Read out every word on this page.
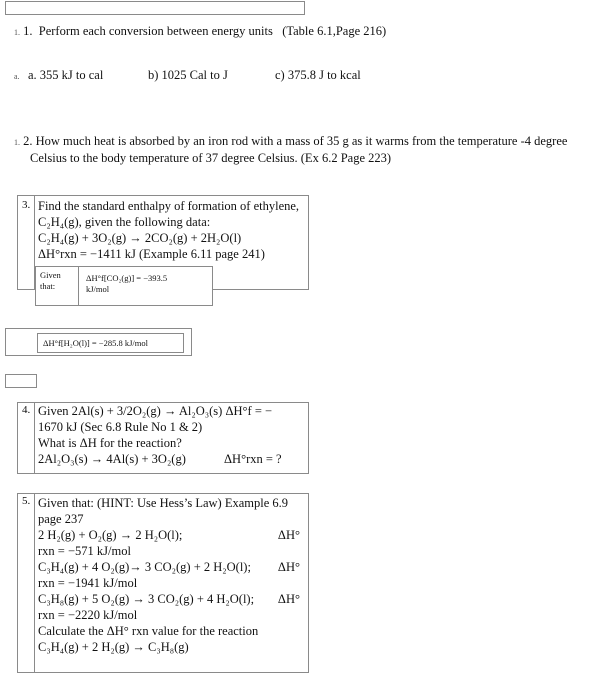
1. 1. Perform each conversion between energy units (Table 6.1,Page 216)
a. a. 355 kJ to cal	b) 1025 Cal to J	c) 375.8 J to kcal
1. 2. How much heat is absorbed by an iron rod with a mass of 35 g as it warms from the temperature -4 degree
Celsius to the body temperature of 37 degree Celsius. (Ex 6.2 Page 223)
3. Find the standard enthalpy of formation of ethylene,
C₂H₄(g), given the following data:
C₂H₄(g) + 3O₂(g) → 2CO₂(g) + 2H₂O(l)
ΔH°rxn = −1411 kJ (Example 6.11 page 241)
Given
that:
ΔH°f[CO₂(g)] = −393.5
kJ/mol
ΔH°f[H₂O(l)] = −285.8 kJ/mol
4. Given 2Al(s) + 3/2O₂(g) → Al₂O₃(s) ΔH°f = −
1670 kJ (Sec 6.8 Rule No 1 & 2)
What is ΔH for the reaction?
2Al₂O₃(s) → 4Al(s) + 3O₂(g)	ΔH°rxn = ?
5. Given that: (HINT: Use Hess’s Law) Example 6.9
page 237
2 H₂(g) + O₂(g) → 2 H₂O(l);	ΔH°
rxn = −571 kJ/mol
C₃H₄(g) + 4 O₂(g)→ 3 CO₂(g) + 2 H₂O(l); ΔH°
rxn = −1941 kJ/mol
C₃H₈(g) + 5 O₂(g) → 3 CO₂(g) + 4 H₂O(l); ΔH°
rxn = −2220 kJ/mol
Calculate the ΔH° rxn value for the reaction
C₃H₄(g) + 2 H₂(g) → C₃H₈(g)
